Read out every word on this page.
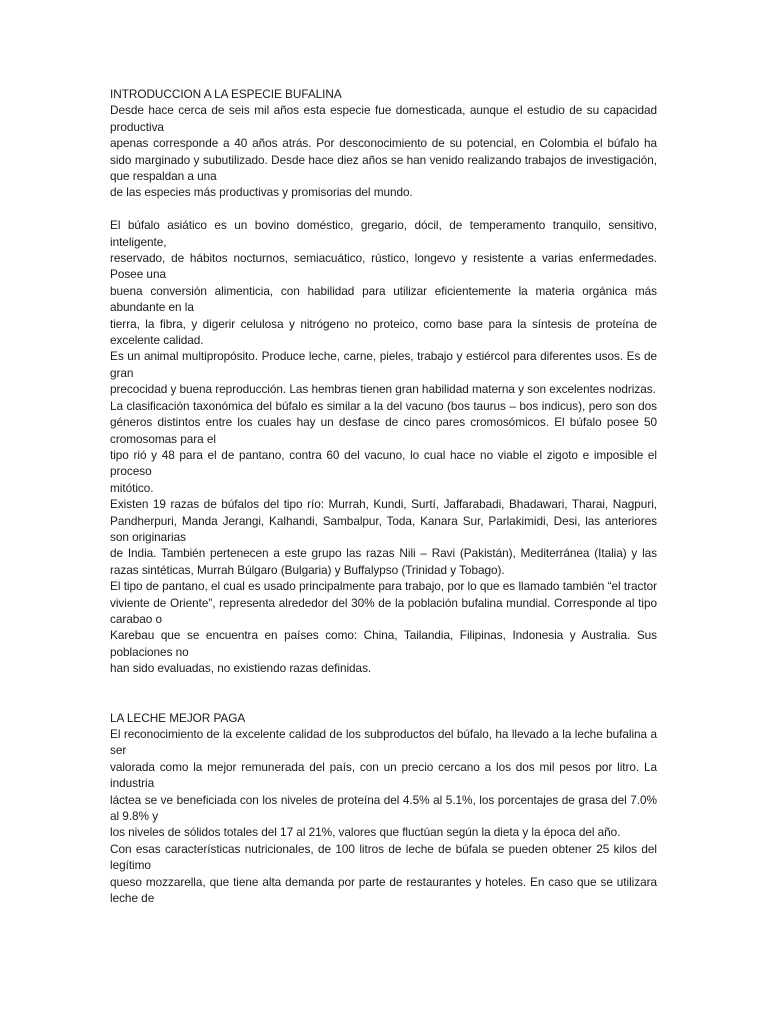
INTRODUCCION A LA ESPECIE BUFALINA
Desde hace cerca de seis mil años esta especie fue domesticada, aunque el estudio de su capacidad productiva
apenas corresponde a 40 años atrás. Por desconocimiento de su potencial, en Colombia el búfalo ha sido marginado y subutilizado. Desde hace diez años se han venido realizando trabajos de investigación, que respaldan a una
de las especies más productivas y promisorias del mundo.
El búfalo asiático es un bovino doméstico, gregario, dócil, de temperamento tranquilo, sensitivo, inteligente,
reservado, de hábitos nocturnos, semiacuático, rústico, longevo y resistente a varias enfermedades. Posee una
buena conversión alimenticia, con habilidad para utilizar eficientemente la materia orgánica más abundante en la
tierra, la fibra, y digerir celulosa y nitrógeno no proteico, como base para la síntesis de proteína de excelente calidad.
Es un animal multipropósito. Produce leche, carne, pieles, trabajo y estiércol para diferentes usos. Es de gran
precocidad y buena reproducción. Las hembras tienen gran habilidad materna y son excelentes nodrizas.
La clasificación taxonómica del búfalo es similar a la del vacuno (bos taurus – bos indicus), pero son dos géneros distintos entre los cuales hay un desfase de cinco pares cromosómicos. El búfalo posee 50 cromosomas para el
tipo rió y 48 para el de pantano, contra 60 del vacuno, lo cual hace no viable el zigoto e imposible el proceso
mitótico.
Existen 19 razas de búfalos del tipo río: Murrah, Kundi, Surtí, Jaffarabadi, Bhadawari, Tharai, Nagpuri, Pandherpuri, Manda Jerangi, Kalhandi, Sambalpur, Toda, Kanara Sur, Parlakimidi, Desi, las anteriores son originarias
de India. También pertenecen a este grupo las razas Nili – Ravi (Pakistán), Mediterránea (Italia) y las razas sintéticas, Murrah Búlgaro (Bulgaria) y Buffalypso (Trinidad y Tobago).
El tipo de pantano, el cual es usado principalmente para trabajo, por lo que es llamado también “el tractor viviente de Oriente”, representa alrededor del 30% de la población bufalina mundial. Corresponde al tipo carabao o
Karebau que se encuentra en países como: China, Tailandia, Filipinas, Indonesia y Australia. Sus poblaciones no
han sido evaluadas, no existiendo razas definidas.
LA LECHE MEJOR PAGA
El reconocimiento de la excelente calidad de los subproductos del búfalo, ha llevado a la leche bufalina a ser
valorada como la mejor remunerada del país, con un precio cercano a los dos mil pesos por litro. La industria
láctea se ve beneficiada con los niveles de proteína del 4.5% al 5.1%, los porcentajes de grasa del 7.0% al 9.8% y
los niveles de sólidos totales del 17 al 21%, valores que fluctúan según la dieta y la época del año.
Con esas características nutricionales, de 100 litros de leche de búfala se pueden obtener 25 kilos del legítimo
queso mozzarella, que tiene alta demanda por parte de restaurantes y hoteles. En caso que se utilizara leche de
